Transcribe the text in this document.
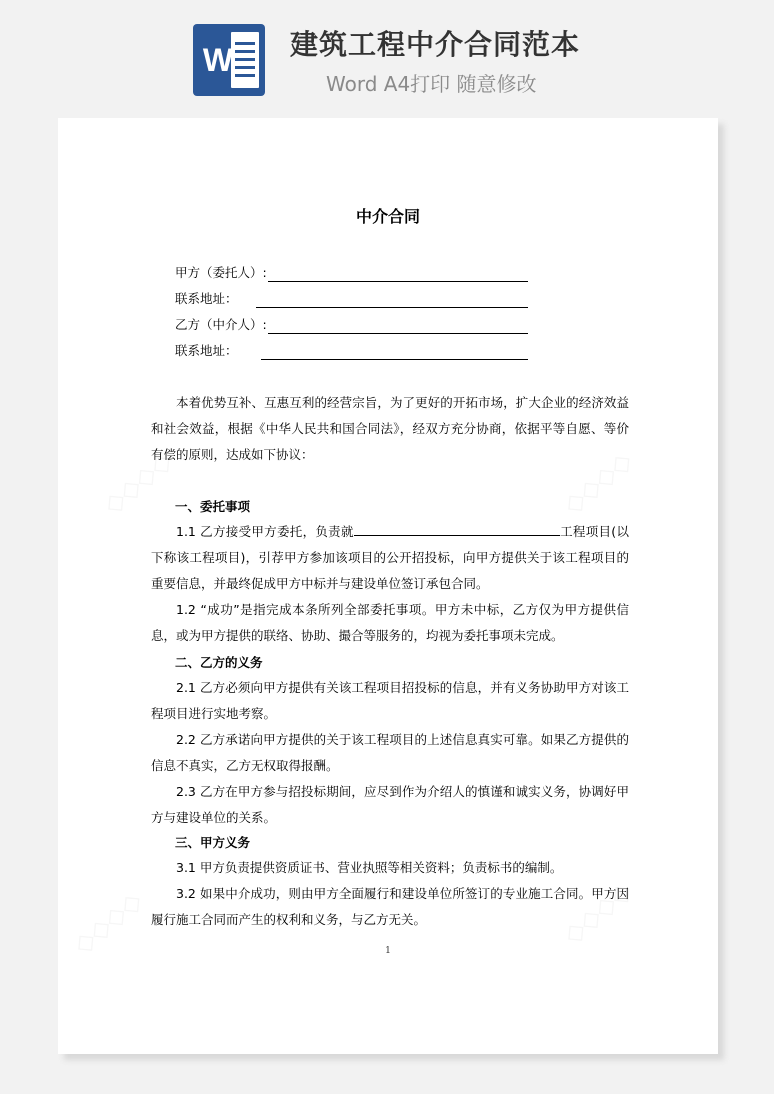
W 建筑工程中介合同范本
Word A4打印 随意修改
中介合同
甲方（委托人）:
联系地址：
乙方（中介人）:
联系地址：
本着优势互补、互惠互利的经营宗旨，为了更好的开拓市场，扩大企业的经济效益和社会效益，根据《中华人民共和国合同法》，经双方充分协商，依据平等自愿、等价有偿的原则，达成如下协议：
一、委托事项
1.1 乙方接受甲方委托，负责就	工程项目(以下称该工程项目)，引荐甲方参加该项目的公开招投标，向甲方提供关于该工程项目的重要信息，并最终促成甲方中标并与建设单位签订承包合同。
1.2 “成功”是指完成本条所列全部委托事项。甲方未中标，乙方仅为甲方提供信息，或为甲方提供的联络、协助、撮合等服务的，均视为委托事项未完成。
二、乙方的义务
2.1 乙方必须向甲方提供有关该工程项目招投标的信息，并有义务协助甲方对该工程项目进行实地考察。
2.2 乙方承诺向甲方提供的关于该工程项目的上述信息真实可靠。如果乙方提供的信息不真实，乙方无权取得报酬。
2.3 乙方在甲方参与招投标期间，应尽到作为介绍人的慎谨和诚实义务，协调好甲方与建设单位的关系。
三、甲方义务
3.1 甲方负责提供资质证书、营业执照等相关资料；负责标书的编制。
3.2 如果中介成功，则由甲方全面履行和建设单位所签订的专业施工合同。甲方因履行施工合同而产生的权利和义务，与乙方无关。
1
